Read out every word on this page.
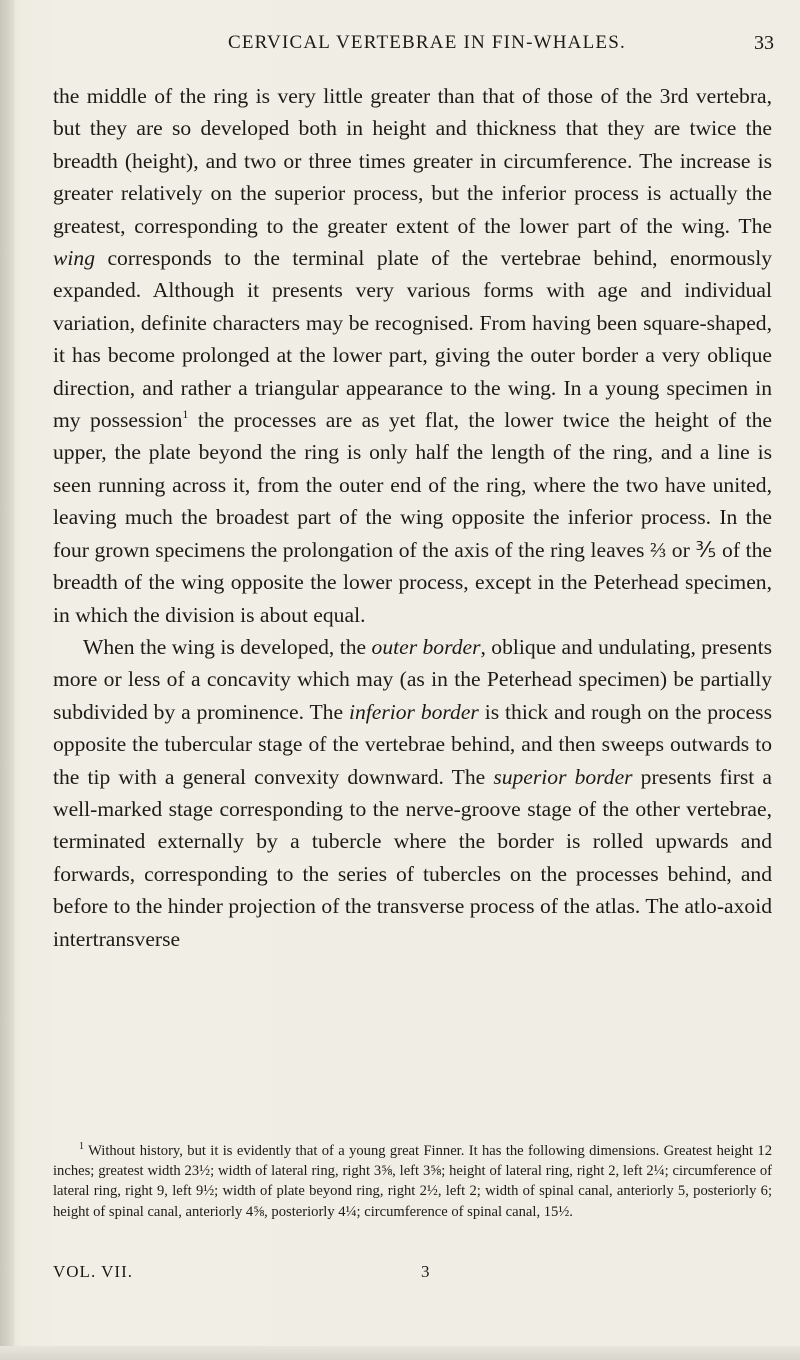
CERVICAL VERTEBRAE IN FIN-WHALES.	33

the middle of the ring is very little greater than that of those of the 3rd vertebra, but they are so developed both in height and thickness that they are twice the breadth (height), and two or three times greater in circumference. The increase is greater relatively on the superior process, but the inferior process is actually the greatest, corresponding to the greater extent of the lower part of the wing. The wing corresponds to the terminal plate of the vertebrae behind, enormously expanded. Although it presents very various forms with age and individual variation, definite characters may be recognised. From having been square-shaped, it has become prolonged at the lower part, giving the outer border a very oblique direction, and rather a triangular appearance to the wing. In a young specimen in my possession$^1$ the processes are as yet flat, the lower twice the height of the upper, the plate beyond the ring is only half the length of the ring, and a line is seen running across it, from the outer end of the ring, where the two have united, leaving much the broadest part of the wing opposite the inferior process. In the four grown specimens the prolongation of the axis of the ring leaves ⅔ or ⅗ of the breadth of the wing opposite the lower process, except in the Peterhead specimen, in which the division is about equal.

When the wing is developed, the outer border, oblique and undulating, presents more or less of a concavity which may (as in the Peterhead specimen) be partially subdivided by a prominence. The inferior border is thick and rough on the process opposite the tubercular stage of the vertebrae behind, and then sweeps outwards to the tip with a general convexity downward. The superior border presents first a well-marked stage corresponding to the nerve-groove stage of the other vertebrae, terminated externally by a tubercle where the border is rolled upwards and forwards, corresponding to the series of tubercles on the processes behind, and before to the hinder projection of the transverse process of the atlas. The atlo-axoid intertransverse

$^1$ Without history, but it is evidently that of a young great Finner. It has the following dimensions. Greatest height 12 inches; greatest width 23½; width of lateral ring, right 3⅝, left 3⅝; height of lateral ring, right 2, left 2¼; circumference of lateral ring, right 9, left 9½; width of plate beyond ring, right 2½, left 2; width of spinal canal, anteriorly 5, posteriorly 6; height of spinal canal, anteriorly 4⅝, posteriorly 4¼; circumference of spinal canal, 15½.
VOL. VII.	3
